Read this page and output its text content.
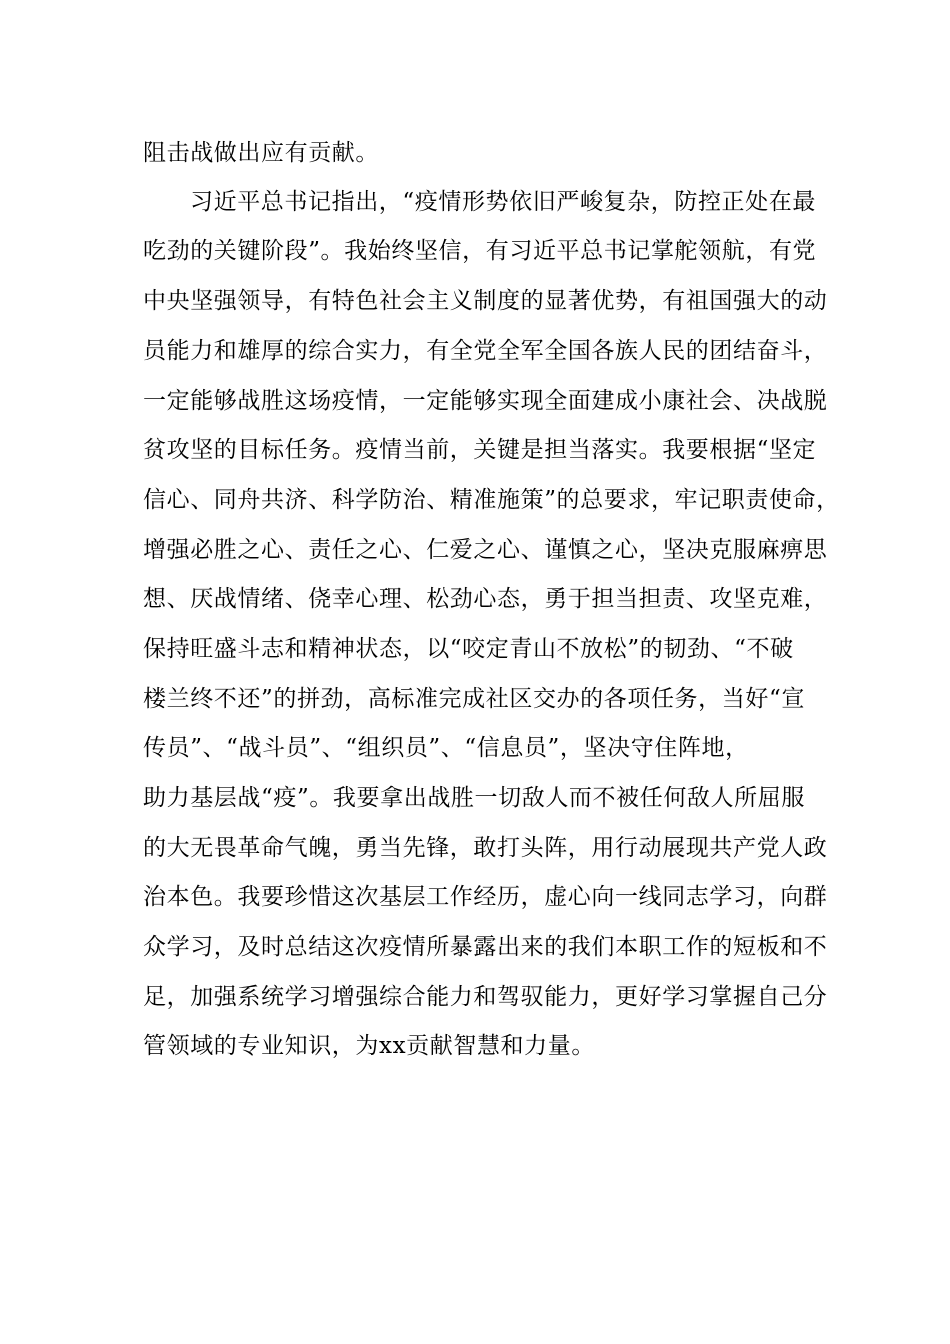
阻击战做出应有贡献。
习近平总书记指出，“疫情形势依旧严峻复杂，防控正处在最
吃劲的关键阶段”。我始终坚信，有习近平总书记掌舵领航，有党
中央坚强领导，有特色社会主义制度的显著优势，有祖国强大的动
员能力和雄厚的综合实力，有全党全军全国各族人民的团结奋斗，
一定能够战胜这场疫情，一定能够实现全面建成小康社会、决战脱
贫攻坚的目标任务。疫情当前，关键是担当落实。我要根据“坚定
信心、同舟共济、科学防治、精准施策”的总要求，牢记职责使命，
增强必胜之心、责任之心、仁爱之心、谨慎之心，坚决克服麻痹思
想、厌战情绪、侥幸心理、松劲心态，勇于担当担责、攻坚克难，
保持旺盛斗志和精神状态，以“咬定青山不放松”的韧劲、“不破
楼兰终不还”的拼劲，高标准完成社区交办的各项任务，当好“宣
传员”、“战斗员”、“组织员”、“信息员”，坚决守住阵地，
助力基层战“疫”。我要拿出战胜一切敌人而不被任何敌人所屈服
的大无畏革命气魄，勇当先锋，敢打头阵，用行动展现共产党人政
治本色。我要珍惜这次基层工作经历，虚心向一线同志学习，向群
众学习，及时总结这次疫情所暴露出来的我们本职工作的短板和不
足，加强系统学习增强综合能力和驾驭能力，更好学习掌握自己分
管领域的专业知识，为xx贡献智慧和力量。
